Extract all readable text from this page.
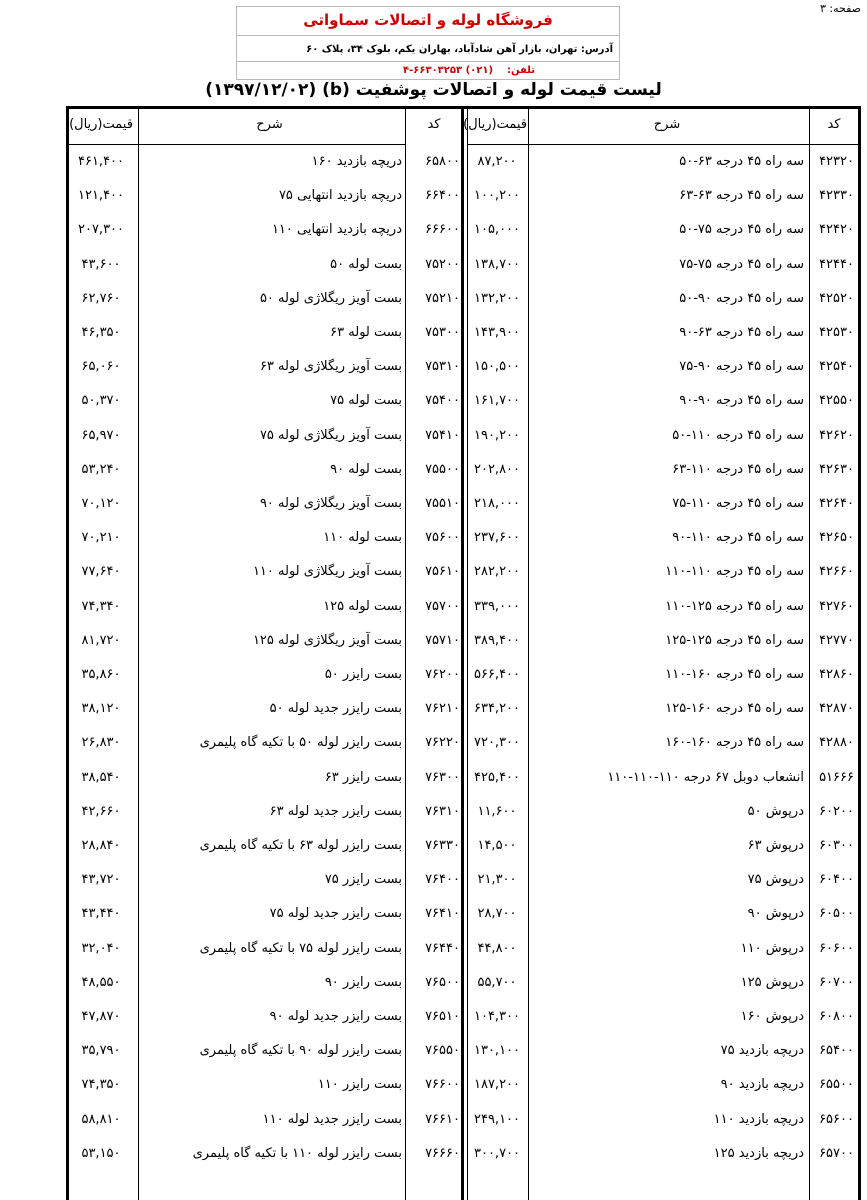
صفحه: ۳
فروشگاه لوله و اتصالات سماواتی
آدرس: تهران، بازار آهن شادآباد، بهاران یکم، بلوک ۳۴، پلاک ۶۰
تلفن:    ۴-۶۶۳۰۳۲۵۳ (۰۲۱)
لیست قیمت لوله و اتصالات پوشفیت (b) (۱۳۹۷/۱۲/۰۲)
کد
شرح
قیمت(ریال)
کد
شرح
قیمت(ریال)
۴۲۳۲۰
سه راه ۴۵ درجه ۶۳-۵۰
۸۷,۲۰۰
۶۵۸۰۰
دریچه بازدید ۱۶۰
۴۶۱,۴۰۰
۴۲۳۳۰
سه راه ۴۵ درجه ۶۳-۶۳
۱۰۰,۲۰۰
۶۶۴۰۰
دریچه بازدید انتهایی ۷۵
۱۲۱,۴۰۰
۴۲۴۲۰
سه راه ۴۵ درجه ۷۵-۵۰
۱۰۵,۰۰۰
۶۶۶۰۰
دریچه بازدید انتهایی ۱۱۰
۲۰۷,۳۰۰
۴۲۴۴۰
سه راه ۴۵ درجه ۷۵-۷۵
۱۳۸,۷۰۰
۷۵۲۰۰
بست لوله ۵۰
۴۳,۶۰۰
۴۲۵۲۰
سه راه ۴۵ درجه ۹۰-۵۰
۱۳۲,۲۰۰
۷۵۲۱۰
بست آویز ریگلاژی لوله ۵۰
۶۲,۷۶۰
۴۲۵۳۰
سه راه ۴۵ درجه ۶۳-۹۰
۱۴۳,۹۰۰
۷۵۳۰۰
بست لوله ۶۳
۴۶,۳۵۰
۴۲۵۴۰
سه راه ۴۵ درجه ۹۰-۷۵
۱۵۰,۵۰۰
۷۵۳۱۰
بست آویز ریگلاژی لوله ۶۳
۶۵,۰۶۰
۴۲۵۵۰
سه راه ۴۵ درجه ۹۰-۹۰
۱۶۱,۷۰۰
۷۵۴۰۰
بست لوله ۷۵
۵۰,۳۷۰
۴۲۶۲۰
سه راه ۴۵ درجه ۱۱۰-۵۰
۱۹۰,۲۰۰
۷۵۴۱۰
بست آویز ریگلاژی لوله ۷۵
۶۵,۹۷۰
۴۲۶۳۰
سه راه ۴۵ درجه ۱۱۰-۶۳
۲۰۲,۸۰۰
۷۵۵۰۰
بست لوله ۹۰
۵۳,۲۴۰
۴۲۶۴۰
سه راه ۴۵ درجه ۱۱۰-۷۵
۲۱۸,۰۰۰
۷۵۵۱۰
بست آویز ریگلاژی لوله ۹۰
۷۰,۱۲۰
۴۲۶۵۰
سه راه ۴۵ درجه ۱۱۰-۹۰
۲۳۷,۶۰۰
۷۵۶۰۰
بست لوله ۱۱۰
۷۰,۲۱۰
۴۲۶۶۰
سه راه ۴۵ درجه ۱۱۰-۱۱۰
۲۸۲,۲۰۰
۷۵۶۱۰
بست آویز ریگلاژی لوله ۱۱۰
۷۷,۶۴۰
۴۲۷۶۰
سه راه ۴۵ درجه ۱۲۵-۱۱۰
۳۳۹,۰۰۰
۷۵۷۰۰
بست لوله ۱۲۵
۷۴,۳۴۰
۴۲۷۷۰
سه راه ۴۵ درجه ۱۲۵-۱۲۵
۳۸۹,۴۰۰
۷۵۷۱۰
بست آویز ریگلاژی لوله ۱۲۵
۸۱,۷۲۰
۴۲۸۶۰
سه راه ۴۵ درجه ۱۶۰-۱۱۰
۵۶۶,۴۰۰
۷۶۲۰۰
بست رایزر ۵۰
۳۵,۸۶۰
۴۲۸۷۰
سه راه ۴۵ درجه ۱۶۰-۱۲۵
۶۳۴,۲۰۰
۷۶۲۱۰
بست رایزر جدید لوله ۵۰
۳۸,۱۲۰
۴۲۸۸۰
سه راه ۴۵ درجه ۱۶۰-۱۶۰
۷۲۰,۳۰۰
۷۶۲۲۰
بست رایزر لوله ۵۰ با تکیه گاه پلیمری
۲۶,۸۳۰
۵۱۶۶۶
انشعاب دوبل ۶۷ درجه ۱۱۰-۱۱۰-۱۱۰
۴۲۵,۴۰۰
۷۶۳۰۰
بست رایزر ۶۳
۳۸,۵۴۰
۶۰۲۰۰
درپوش ۵۰
۱۱,۶۰۰
۷۶۳۱۰
بست رایزر جدید لوله ۶۳
۴۲,۶۶۰
۶۰۳۰۰
درپوش ۶۳
۱۴,۵۰۰
۷۶۳۳۰
بست رایزر لوله ۶۳ با تکیه گاه پلیمری
۲۸,۸۴۰
۶۰۴۰۰
درپوش ۷۵
۲۱,۳۰۰
۷۶۴۰۰
بست رایزر ۷۵
۴۳,۷۲۰
۶۰۵۰۰
درپوش ۹۰
۲۸,۷۰۰
۷۶۴۱۰
بست رایزر جدید لوله ۷۵
۴۳,۴۴۰
۶۰۶۰۰
درپوش ۱۱۰
۴۴,۸۰۰
۷۶۴۴۰
بست رایزر لوله ۷۵ با تکیه گاه پلیمری
۳۲,۰۴۰
۶۰۷۰۰
درپوش ۱۲۵
۵۵,۷۰۰
۷۶۵۰۰
بست رایزر ۹۰
۴۸,۵۵۰
۶۰۸۰۰
درپوش ۱۶۰
۱۰۴,۳۰۰
۷۶۵۱۰
بست رایزر جدید لوله ۹۰
۴۷,۸۷۰
۶۵۴۰۰
دریچه بازدید ۷۵
۱۳۰,۱۰۰
۷۶۵۵۰
بست رایزر لوله ۹۰ با تکیه گاه پلیمری
۳۵,۷۹۰
۶۵۵۰۰
دریچه بازدید ۹۰
۱۸۷,۲۰۰
۷۶۶۰۰
بست رایزر ۱۱۰
۷۴,۳۵۰
۶۵۶۰۰
دریچه بازدید ۱۱۰
۲۴۹,۱۰۰
۷۶۶۱۰
بست رایزر جدید لوله ۱۱۰
۵۸,۸۱۰
۶۵۷۰۰
دریچه بازدید ۱۲۵
۳۰۰,۷۰۰
۷۶۶۶۰
بست رایزر لوله ۱۱۰ با تکیه گاه پلیمری
۵۳,۱۵۰
